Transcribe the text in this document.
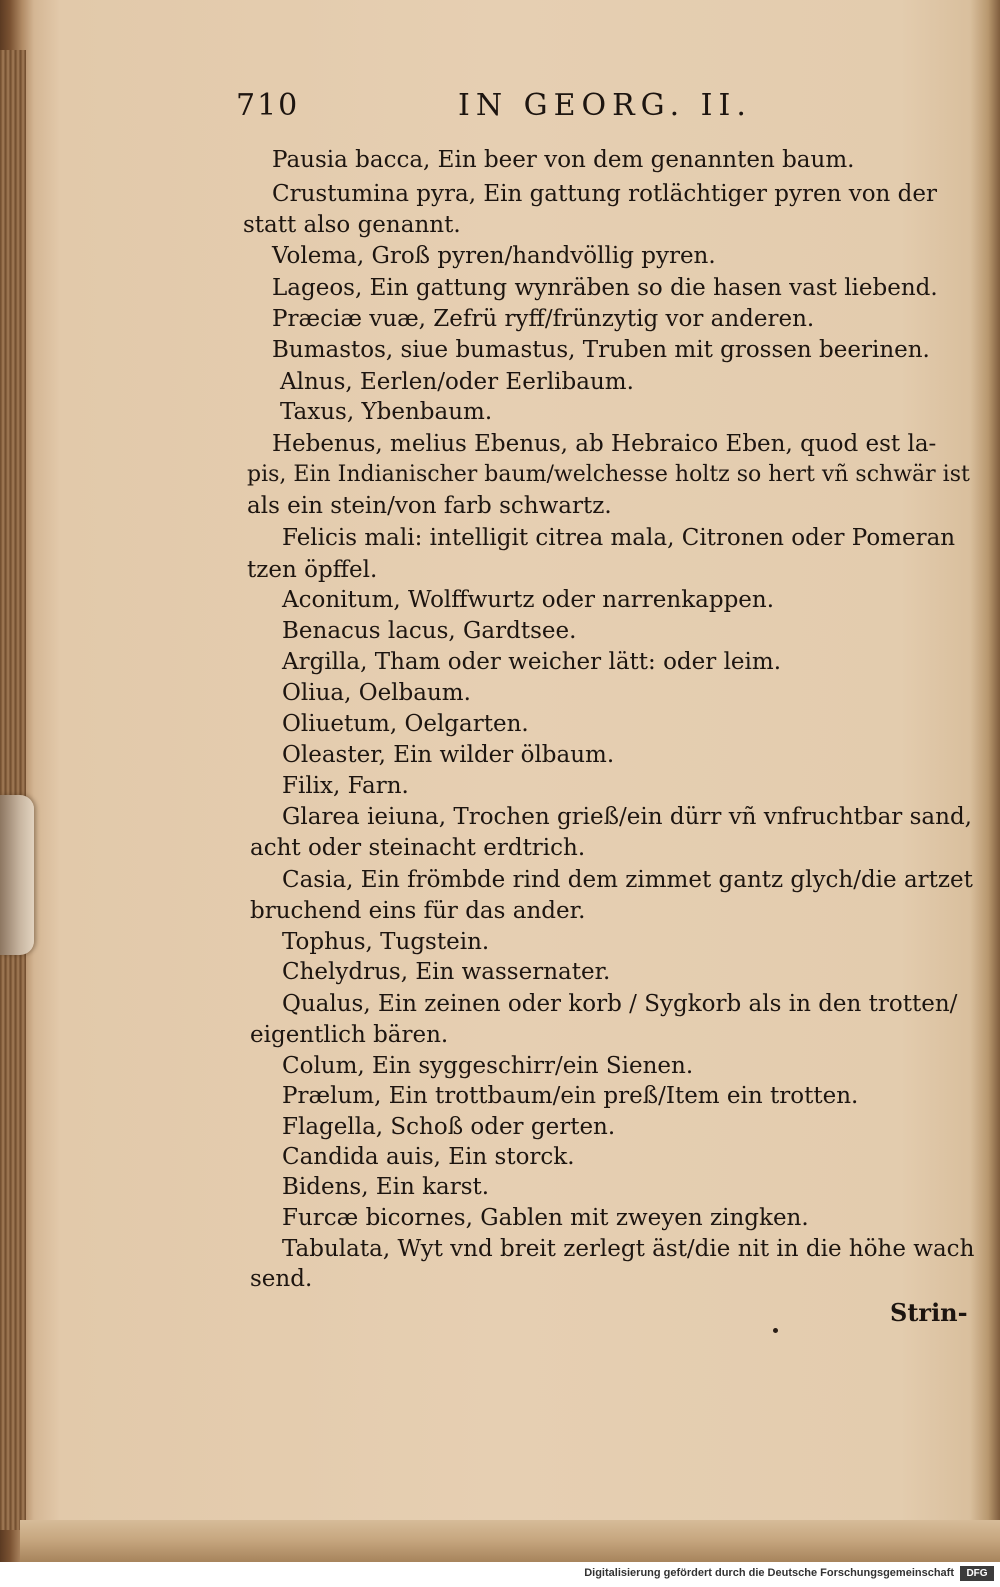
710	IN GEORG. II.
Pausia bacca, Ein beer von dem genannten baum.
Crustumina pyra, Ein gattung rotlächtiger pyren von der
statt also genannt.
Volema, Groß pyren/handvöllig pyren.
Lageos, Ein gattung wynräben so die hasen vast liebend.
Præciæ vuæ, Zefrü ryff/frünzytig vor anderen.
Bumastos, siue bumastus, Truben mit grossen beerinen.
Alnus, Eerlen/oder Eerlibaum.
Taxus, Ybenbaum.
Hebenus, melius Ebenus, ab Hebraico Eben, quod est la-
pis, Ein Indianischer baum/welchesse holtz so hert vñ schwär ist
als ein stein/von farb schwartz.
Felicis mali: intelligit citrea mala, Citronen oder Pomeran
tzen öpffel.
Aconitum, Wolffwurtz oder narrenkappen.
Benacus lacus, Gardtsee.
Argilla, Tham oder weicher lätt: oder leim.
Oliua, Oelbaum.
Oliuetum, Oelgarten.
Oleaster, Ein wilder ölbaum.
Filix, Farn.
Glarea ieiuna, Trochen grieß/ein dürr vñ vnfruchtbar sand,
acht oder steinacht erdtrich.
Casia, Ein frömbde rind dem zimmet gantz glych/die artzet
bruchend eins für das ander.
Tophus, Tugstein.
Chelydrus, Ein wassernater.
Qualus, Ein zeinen oder korb / Sygkorb als in den trotten/
eigentlich bären.
Colum, Ein syggeschirr/ein Sienen.
Prælum, Ein trottbaum/ein preß/Item ein trotten.
Flagella, Schoß oder gerten.
Candida auis, Ein storck.
Bidens, Ein karst.
Furcæ bicornes, Gablen mit zweyen zingken.
Tabulata, Wyt vnd breit zerlegt äst/die nit in die höhe wach
send.
Strin-
Digitalisierung gefördert durch die Deutsche Forschungsgemeinschaft	DFG
